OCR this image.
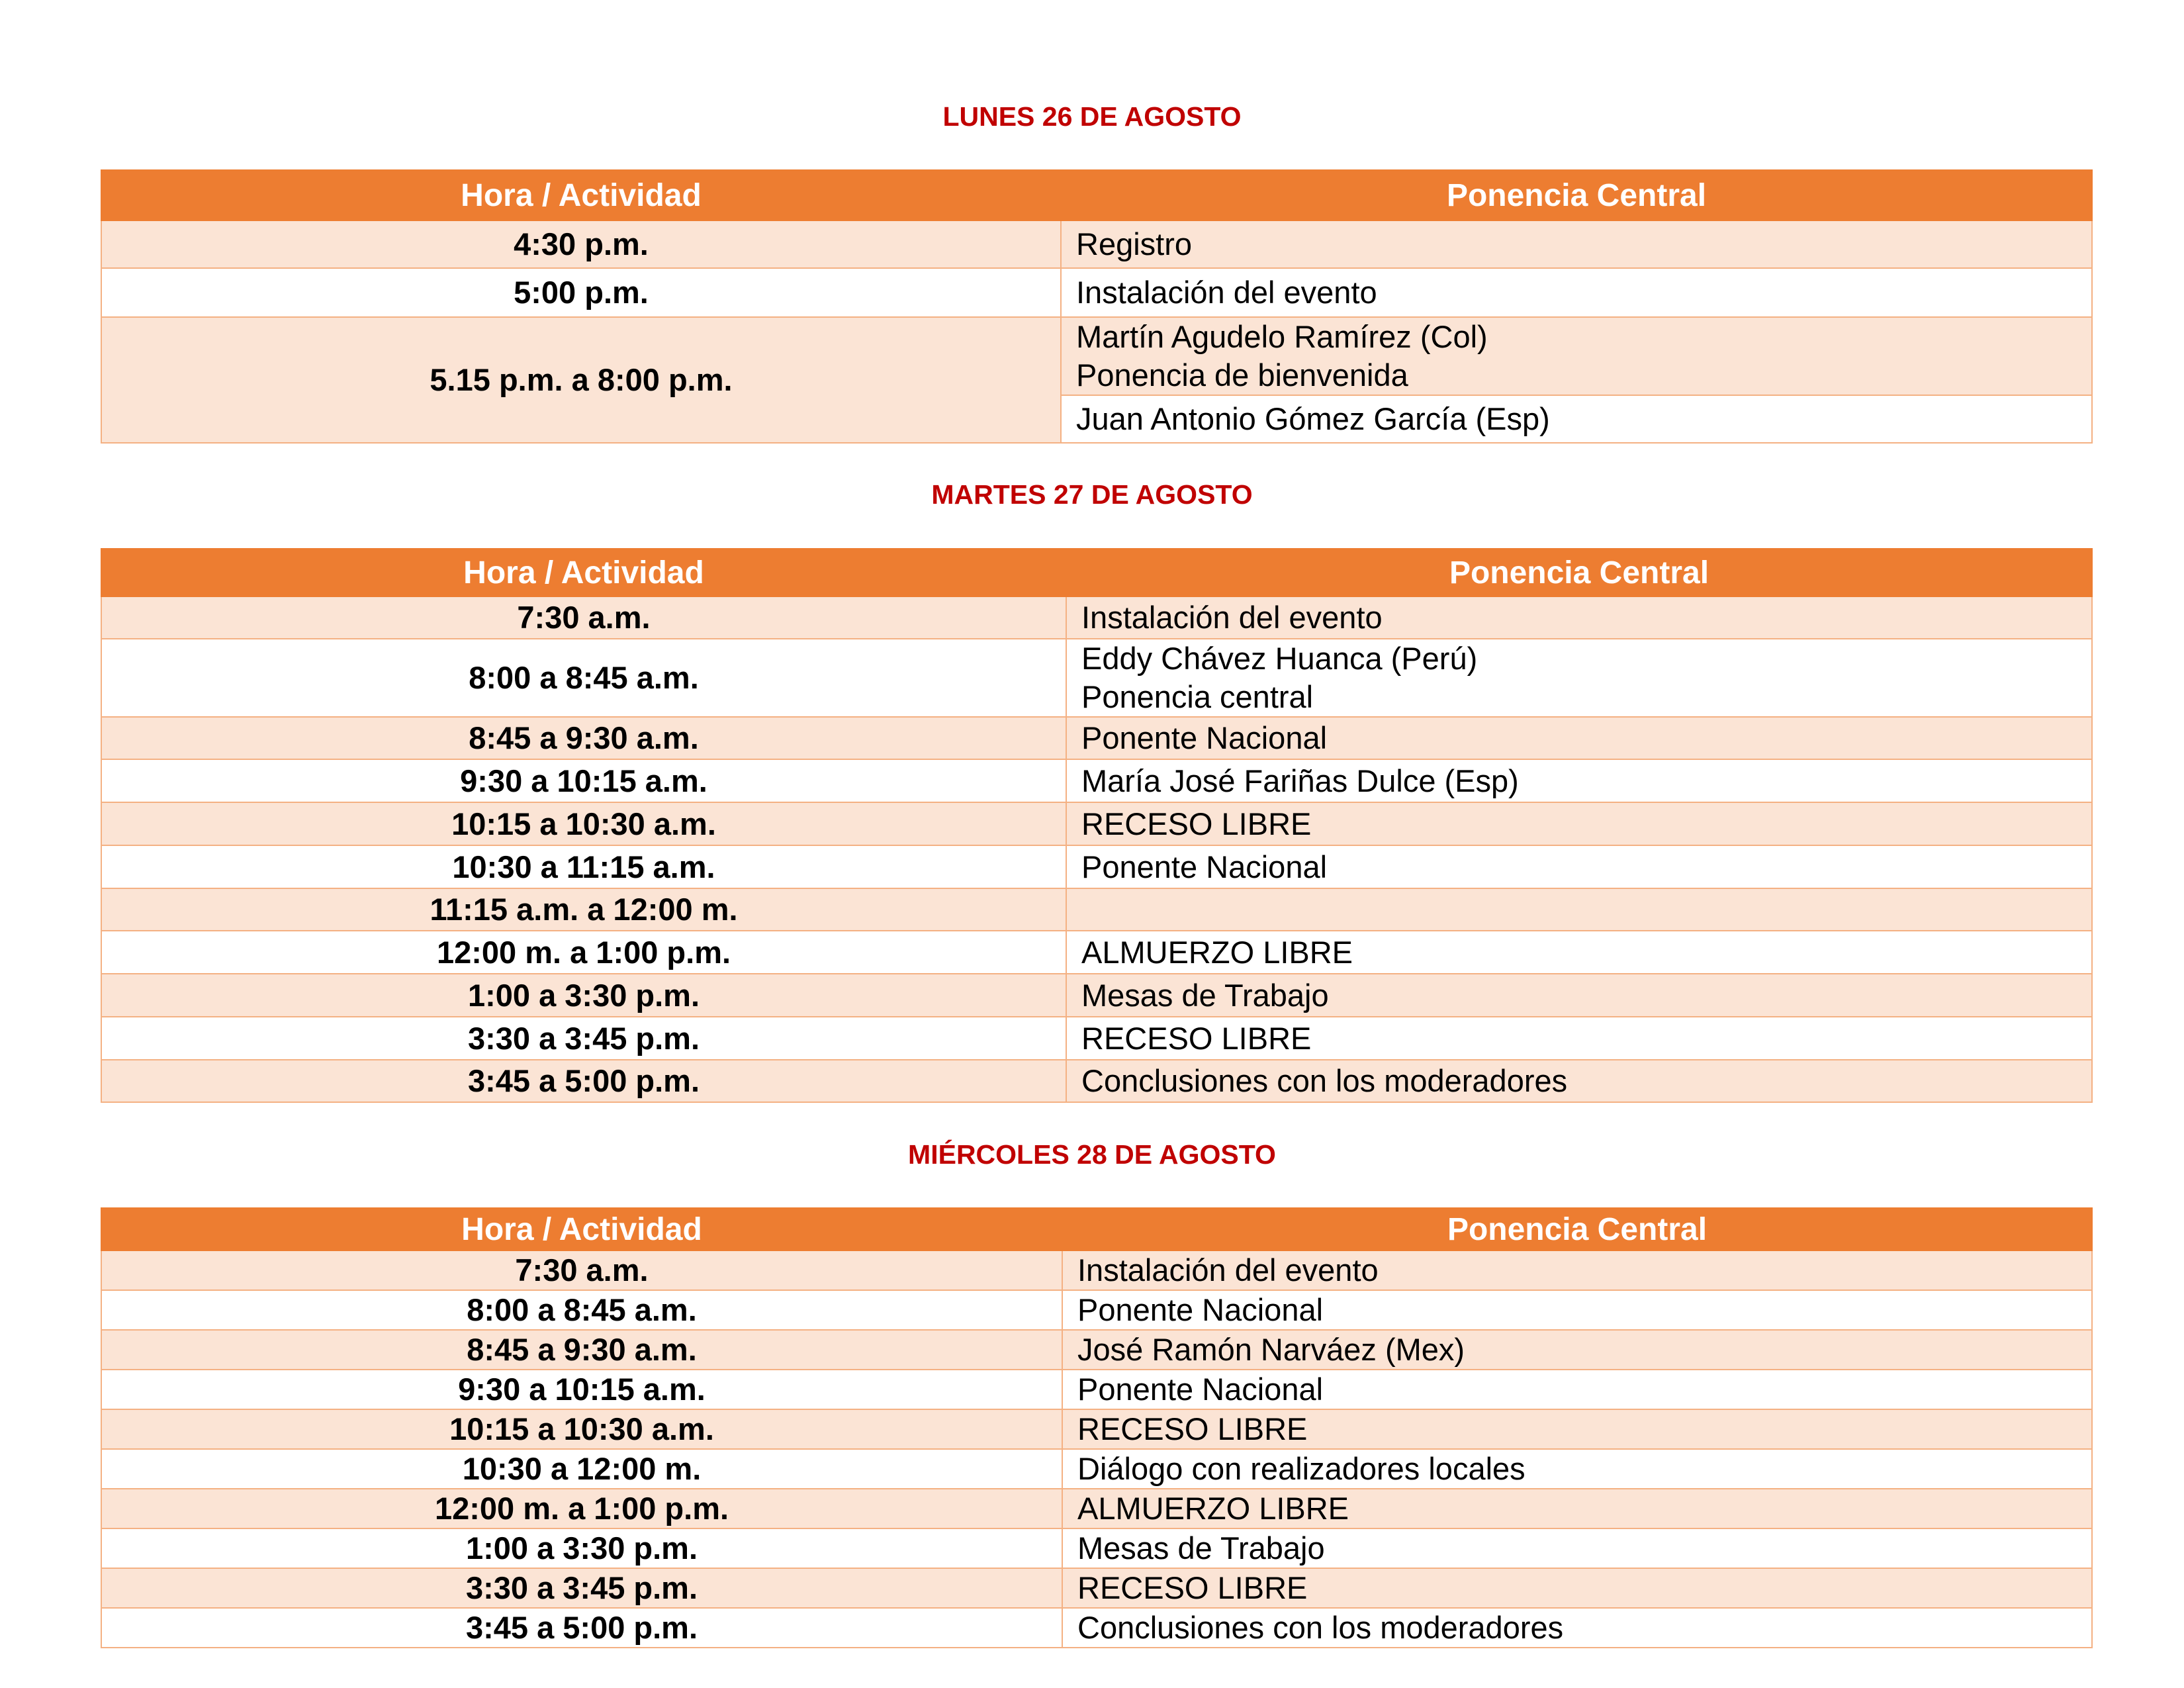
LUNES 26 DE AGOSTO
Hora / Actividad	Ponencia Central
4:30 p.m.	Registro
5:00 p.m.	Instalación del evento
5.15 p.m. a 8:00 p.m.	Martín Agudelo Ramírez (Col)
Ponencia de bienvenida

	Juan Antonio Gómez García (Esp)
MARTES 27 DE AGOSTO
Hora / Actividad	Ponencia Central
7:30 a.m.	Instalación del evento
8:00 a 8:45 a.m.	Eddy Chávez Huanca (Perú)
Ponencia central

8:45 a 9:30 a.m.	Ponente Nacional
9:30 a 10:15 a.m.	María José Fariñas Dulce (Esp)
10:15 a 10:30 a.m.	RECESO LIBRE
10:30 a 11:15 a.m.	Ponente Nacional
11:15 a.m. a 12:00 m.	
12:00 m. a 1:00 p.m.	ALMUERZO LIBRE
1:00 a 3:30 p.m.	Mesas de Trabajo
3:30 a 3:45 p.m.	RECESO LIBRE
3:45 a 5:00 p.m.	Conclusiones con los moderadores
MIÉRCOLES 28 DE AGOSTO
Hora / Actividad	Ponencia Central
7:30 a.m.	Instalación del evento
8:00 a 8:45 a.m.	Ponente Nacional
8:45 a 9:30 a.m.	José Ramón Narváez (Mex)
9:30 a 10:15 a.m.	Ponente Nacional
10:15 a 10:30 a.m.	RECESO LIBRE
10:30 a 12:00 m.	Diálogo con realizadores locales
12:00 m. a 1:00 p.m.	ALMUERZO LIBRE
1:00 a 3:30 p.m.	Mesas de Trabajo
3:30 a 3:45 p.m.	RECESO LIBRE
3:45 a 5:00 p.m.	Conclusiones con los moderadores
